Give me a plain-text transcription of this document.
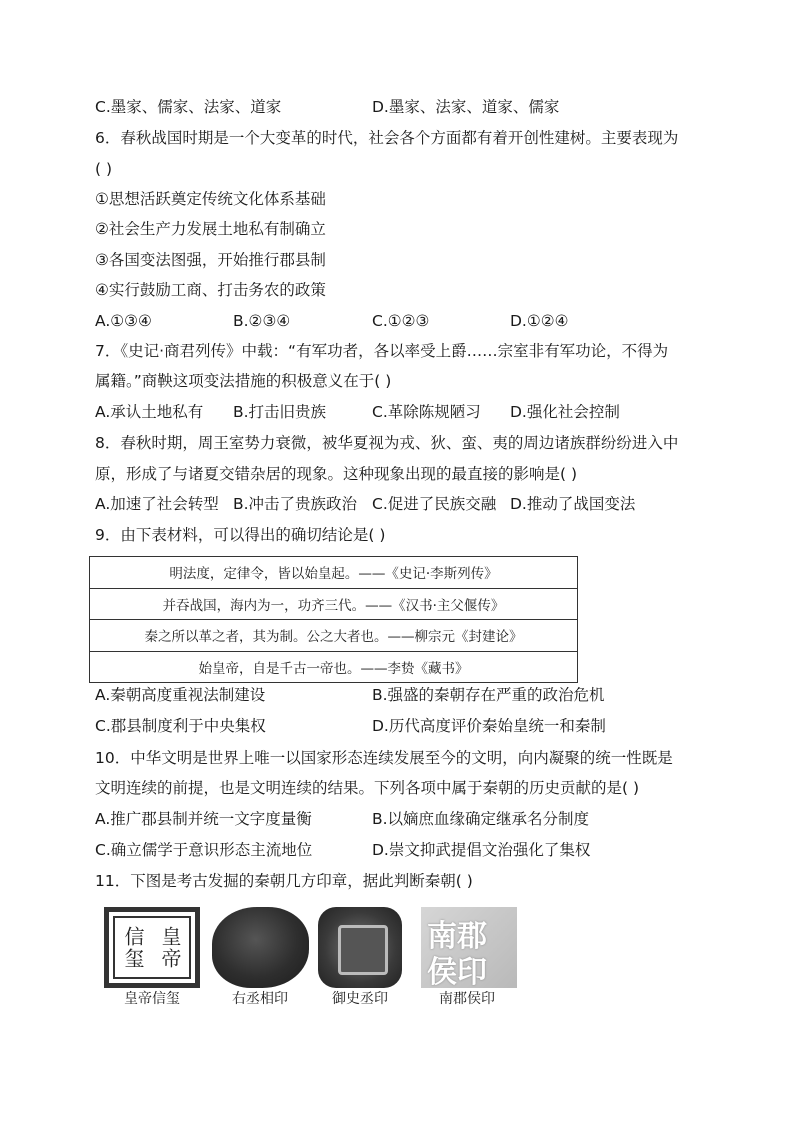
C.墨家、儒家、法家、道家	D.墨家、法家、道家、儒家
6．春秋战国时期是一个大变革的时代，社会各个方面都有着开创性建树。主要表现为
( )
①思想活跃奠定传统文化体系基础
②社会生产力发展土地私有制确立
③各国变法图强，开始推行郡县制
④实行鼓励工商、打击务农的政策
A.①③④	B.②③④	C.①②③	D.①②④
7．《史记·商君列传》中载：“有军功者，各以率受上爵……宗室非有军功论，不得为
属籍。”商鞅这项变法措施的积极意义在于( )
A.承认土地私有 B.打击旧贵族	C.革除陈规陋习 D.强化社会控制
8．春秋时期，周王室势力衰微，被华夏视为戎、狄、蛮、夷的周边诸族群纷纷进入中
原，形成了与诸夏交错杂居的现象。这种现象出现的最直接的影响是( )
A.加速了社会转型 B.冲击了贵族政治 C.促进了民族交融 D.推动了战国变法
9．由下表材料，可以得出的确切结论是( )
明法度，定律令，皆以始皇起。——《史记·李斯列传》
并吞战国，海内为一，功齐三代。——《汉书·主父偃传》
秦之所以革之者，其为制。公之大者也。——柳宗元《封建论》
始皇帝，自是千古一帝也。——李贽《藏书》
A.秦朝高度重视法制建设	B.强盛的秦朝存在严重的政治危机
C.郡县制度利于中央集权	D.历代高度评价秦始皇统一和秦制
10．中华文明是世界上唯一以国家形态连续发展至今的文明，向内凝聚的统一性既是
文明连续的前提，也是文明连续的结果。下列各项中属于秦朝的历史贡献的是( )
A.推广郡县制并统一文字度量衡	B.以嫡庶血缘确定继承名分制度
C.确立儒学于意识形态主流地位	D.崇文抑武提倡文治强化了集权
11．下图是考古发掘的秦朝几方印章，据此判断秦朝( )
皇帝
信玺	南郡
侯印
皇帝信玺	右丞相印	御史丞印	南郡侯印
